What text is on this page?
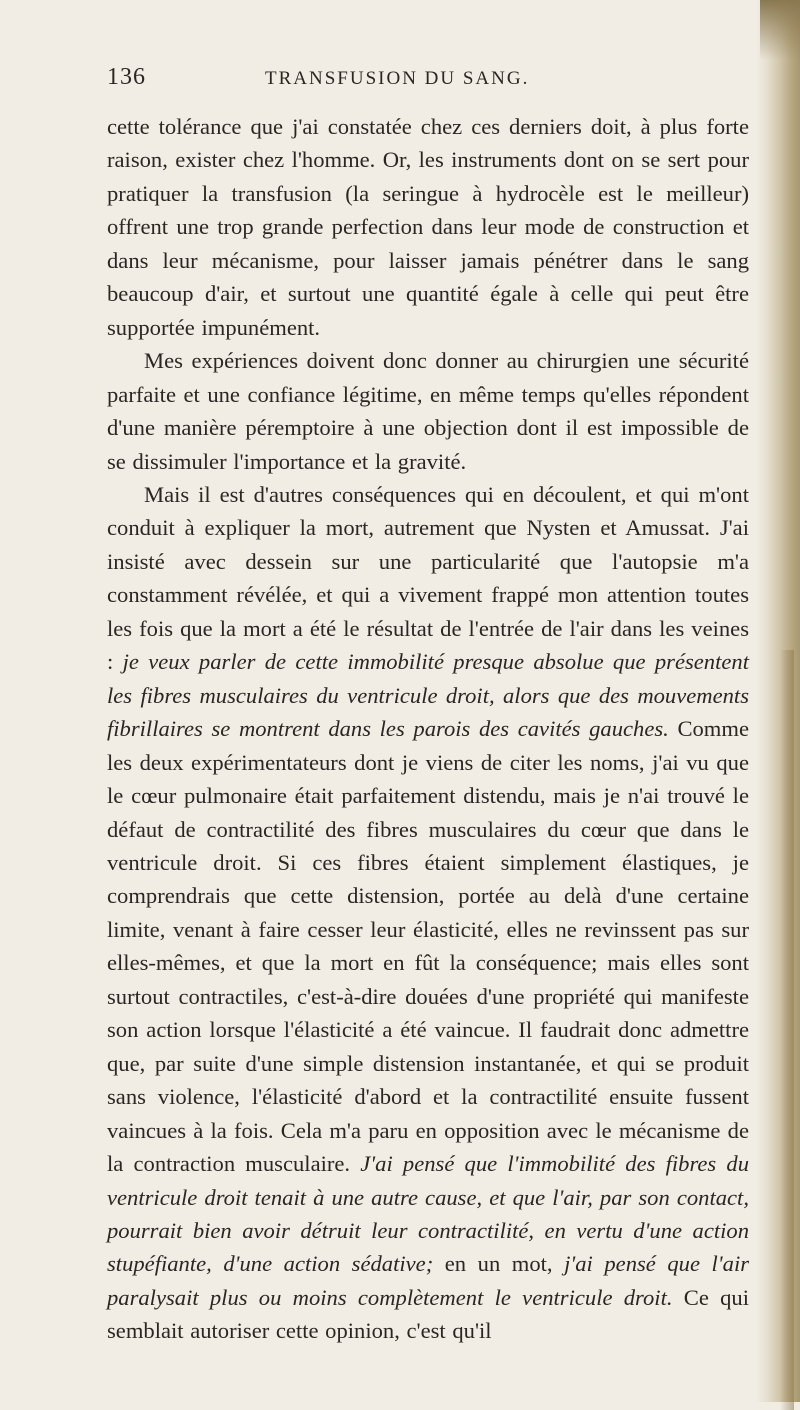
136	TRANSFUSION DU SANG.

cette tolérance que j'ai constatée chez ces derniers doit, à plus forte raison, exister chez l'homme. Or, les instruments dont on se sert pour pratiquer la transfusion (la seringue à hydrocèle est le meilleur) offrent une trop grande perfection dans leur mode de construction et dans leur mécanisme, pour laisser jamais pénétrer dans le sang beaucoup d'air, et surtout une quantité égale à celle qui peut être supportée impunément.

Mes expériences doivent donc donner au chirurgien une sécurité parfaite et une confiance légitime, en même temps qu'elles répondent d'une manière péremptoire à une objection dont il est impossible de se dissimuler l'importance et la gravité.

Mais il est d'autres conséquences qui en découlent, et qui m'ont conduit à expliquer la mort, autrement que Nysten et Amussat. J'ai insisté avec dessein sur une particularité que l'autopsie m'a constamment révélée, et qui a vivement frappé mon attention toutes les fois que la mort a été le résultat de l'entrée de l'air dans les veines : je veux parler de cette immobilité presque absolue que présentent les fibres musculaires du ventricule droit, alors que des mouvements fibrillaires se montrent dans les parois des cavités gauches. Comme les deux expérimentateurs dont je viens de citer les noms, j'ai vu que le cœur pulmonaire était parfaitement distendu, mais je n'ai trouvé le défaut de contractilité des fibres musculaires du cœur que dans le ventricule droit. Si ces fibres étaient simplement élastiques, je comprendrais que cette distension, portée au delà d'une certaine limite, venant à faire cesser leur élasticité, elles ne revinssent pas sur elles-mêmes, et que la mort en fût la conséquence; mais elles sont surtout contractiles, c'est-à-dire douées d'une propriété qui manifeste son action lorsque l'élasticité a été vaincue. Il faudrait donc admettre que, par suite d'une simple distension instantanée, et qui se produit sans violence, l'élasticité d'abord et la contractilité ensuite fussent vaincues à la fois. Cela m'a paru en opposition avec le mécanisme de la contraction musculaire. J'ai pensé que l'immobilité des fibres du ventricule droit tenait à une autre cause, et que l'air, par son contact, pourrait bien avoir détruit leur contractilité, en vertu d'une action stupéfiante, d'une action sédative; en un mot, j'ai pensé que l'air paralysait plus ou moins complètement le ventricule droit. Ce qui semblait autoriser cette opinion, c'est qu'il
